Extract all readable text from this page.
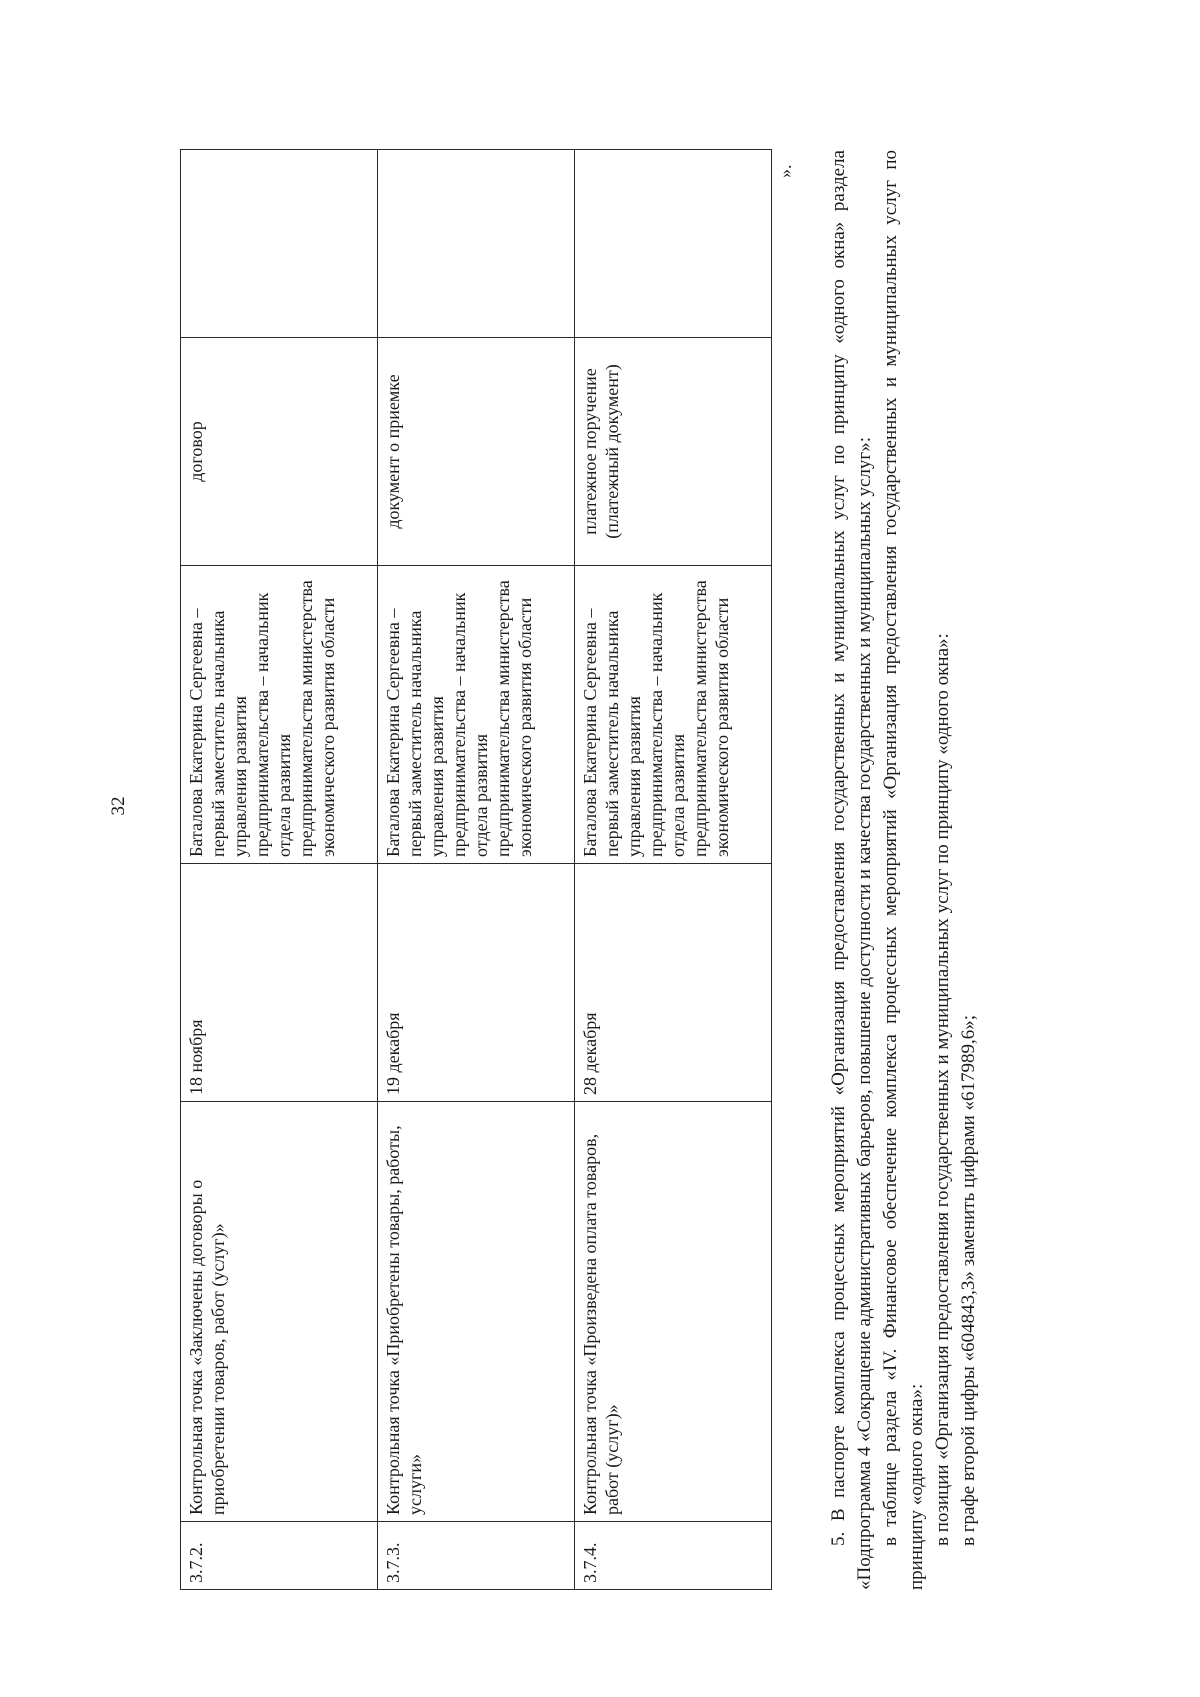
32
3.7.2.	Контрольная точка «Заключены договоры о приобретении товаров, работ (услуг)»	18 ноября	Баталова Екатерина Сергеевна – первый заместитель начальника управления развития предпринимательства – начальник отдела развития предпринимательства министерства экономического развития области	договор	
3.7.3.	Контрольная точка «Приобретены товары, работы, услуги»	19 декабря	Баталова Екатерина Сергеевна – первый заместитель начальника управления развития предпринимательства – начальник отдела развития предпринимательства министерства экономического развития области	документ о приемке	
3.7.4.	Контрольная точка «Произведена оплата товаров, работ (услуг)»	28 декабря	Баталова Екатерина Сергеевна – первый заместитель начальника управления развития предпринимательства – начальник отдела развития предпринимательства министерства экономического развития области	платежное поручение (платежный документ)	
». 5. В паспорте комплекса процессных мероприятий «Организация предоставления государственных и муниципальных услуг по принципу «одного окна» раздела «Подпрограмма 4 «Сокращение административных барьеров, повышение доступности и качества государственных и муниципальных услуг»: в таблице раздела «IV. Финансовое обеспечение комплекса процессных мероприятий «Организация предоставления государственных и муниципальных услуг по принципу «одного окна»: в позиции «Организация предоставления государственных и муниципальных услуг по принципу «одного окна»: в графе второй цифры «604843,3» заменить цифрами «617989,6»;
